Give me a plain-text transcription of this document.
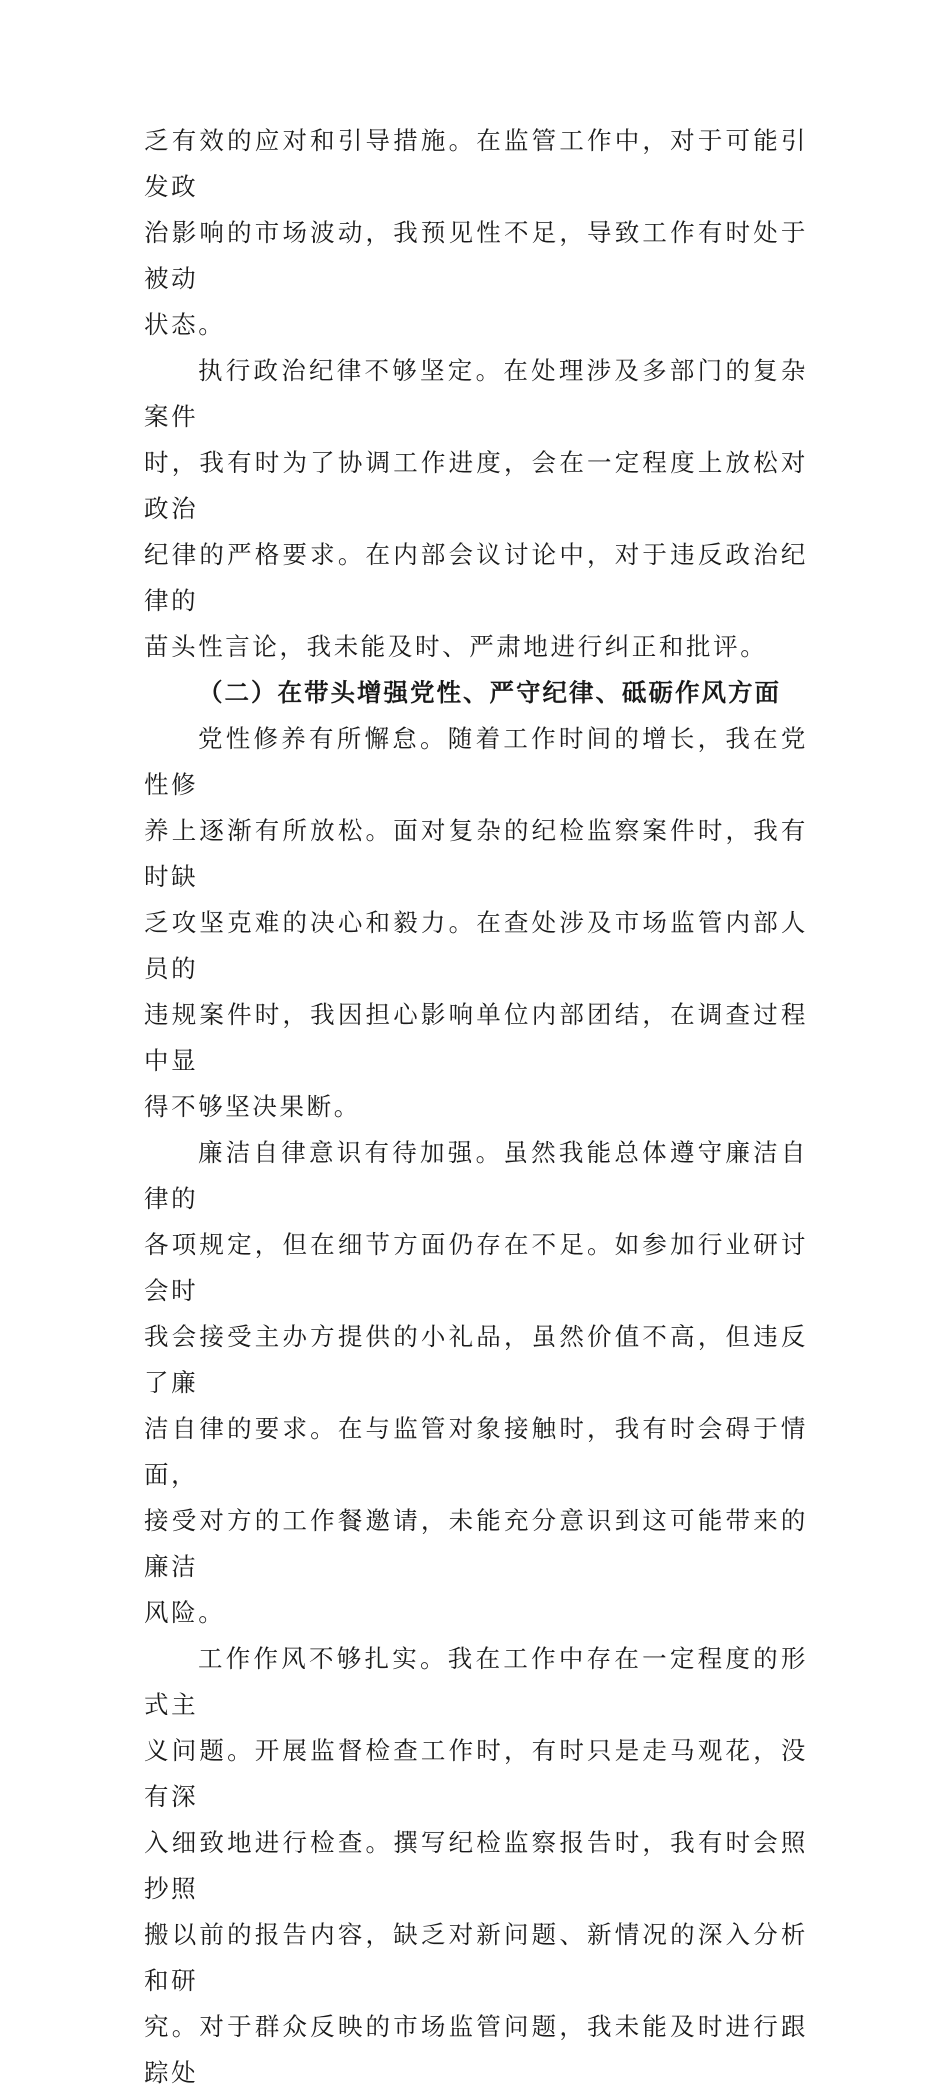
乏有效的应对和引导措施。在监管工作中，对于可能引发政
治影响的市场波动，我预见性不足，导致工作有时处于被动
状态。

执行政治纪律不够坚定。在处理涉及多部门的复杂案件
时，我有时为了协调工作进度，会在一定程度上放松对政治
纪律的严格要求。在内部会议讨论中，对于违反政治纪律的
苗头性言论，我未能及时、严肃地进行纠正和批评。

（二）在带头增强党性、严守纪律、砥砺作风方面

党性修养有所懈怠。随着工作时间的增长，我在党性修
养上逐渐有所放松。面对复杂的纪检监察案件时，我有时缺
乏攻坚克难的决心和毅力。在查处涉及市场监管内部人员的
违规案件时，我因担心影响单位内部团结，在调查过程中显
得不够坚决果断。

廉洁自律意识有待加强。虽然我能总体遵守廉洁自律的
各项规定，但在细节方面仍存在不足。如参加行业研讨会时
我会接受主办方提供的小礼品，虽然价值不高，但违反了廉
洁自律的要求。在与监管对象接触时，我有时会碍于情面，
接受对方的工作餐邀请，未能充分意识到这可能带来的廉洁
风险。

工作作风不够扎实。我在工作中存在一定程度的形式主
义问题。开展监督检查工作时，有时只是走马观花，没有深
入细致地进行检查。撰写纪检监察报告时，我有时会照抄照
搬以前的报告内容，缺乏对新问题、新情况的深入分析和研
究。对于群众反映的市场监管问题，我未能及时进行跟踪处
